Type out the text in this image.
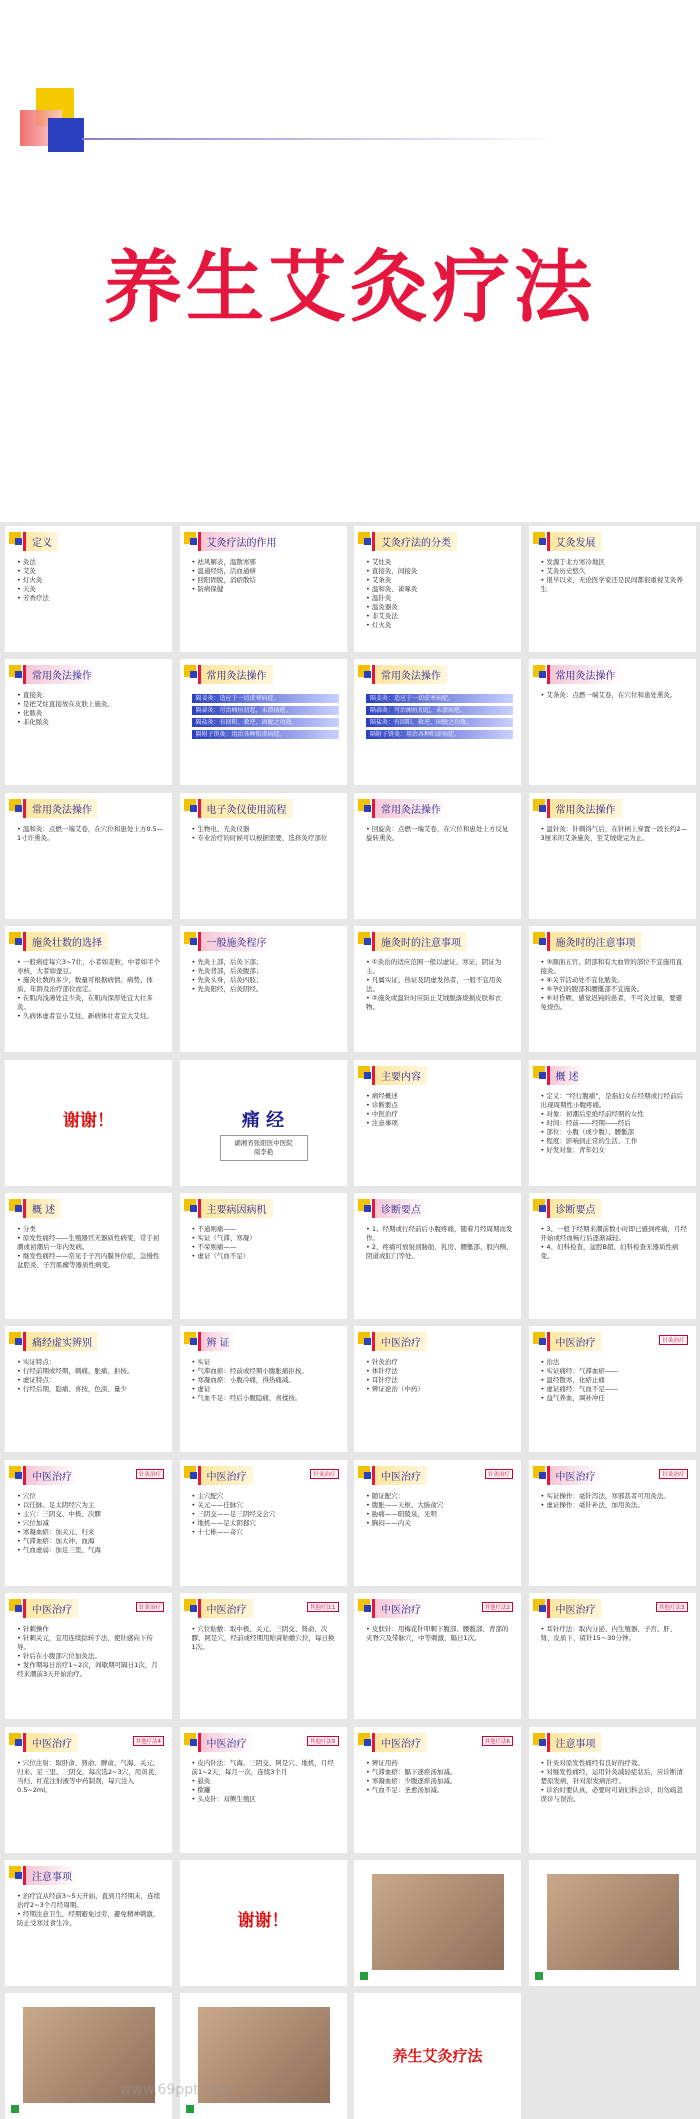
养生艾灸疗法
定义
• 灸法
• 艾灸
• 灯火灸
• 天灸
• 芳香疗法
艾灸疗法的作用
• 祛风解表，温散寒邪
• 温通经络，活血通痹
• 回阳固脱，消瘀散结
• 防病保健
艾灸疗法的分类
• 艾炷灸
• 直接灸、间接灸
• 艾条灸
• 温和灸、雀啄灸
• 温针灸
• 温灸器灸
• 非艾灸法
• 灯火灸
艾灸发展
• 发源于北方寒冷地区
• 艾灸历史悠久
• 很早以来，无论医学家还是民间都很重视艾灸养生
常用灸法操作
• 直接灸：
• 是把艾炷直接放在皮肤上施灸。
• 化脓灸
• 非化脓灸
常用灸法操作
隔姜灸：适应于一切虚寒病症。
隔蒜灸：可治痈疽初起，未溃疡疮。
隔盐灸：有回阳、救逆、固脱之功效。
隔附子饼灸：用治各种阳虚病症。
常用灸法操作
隔姜灸：适应于一切虚寒病症。
隔蒜灸：可治痈疽初起，未溃疡疮。
隔盐灸：有回阳、救逆、固脱之功效。
隔附子饼灸：用治各种阳虚病症。
常用灸法操作
• 艾条灸：点燃一端艾卷，在穴位和患处熏灸。
常用灸法操作
• 温和灸：点燃一端艾卷，在穴位和患处上方0.5—1寸许熏灸。
电子灸仪使用流程
• 生物电、光灸仪器
• 专业治疗的时候可以根据需要，选择灸疗部位
常用灸法操作
• 回旋灸：点燃一端艾卷，在穴位和患处上方反复旋转熏灸。
常用灸法操作
• 温针灸：针刺得气后，在针柄上穿置一段长约2—3厘米的艾条施灸，至艾绒烧完为止。
施灸壮数的选择
• 一般病症每穴3~7壮，小者如麦粒，中者如半个枣核，大者如蚕豆。
• 施灸壮数的多少，数量可根据病情、病势、体质、年龄及治疗部位而定。
• 在肌肉浅薄处宜少灸，在肌肉深厚处宜大壮多灸。
• 久病体虚者宜小艾炷、新病体壮者宜大艾炷。
一般施灸程序
• 先灸上部，后灸下部；
• 先灸背部，后灸腹部；
• 先灸头身，后灸四肢；
• 先灸阳经，后灸阴经。
施灸时的注意事项
• ①灸治的适应范围一般以虚证、寒证、阴证为主。
• 凡属实证、热证及阴虚发热者，一般不宜用灸法。
• ②施灸或温针时应防止艾绒脱落烧损皮肤和衣物。
施灸时的注意事项
• ③颜面五官、阴部和有大血管的部位不宜施用直接灸。
• ④关节活动处不宜化脓灸。
• ⑤孕妇的腹部和腰骶部不宜施灸。
• ⑥对昏厥、感觉迟钝的患者，不可灸过量，要避免烧伤。
谢谢！	痛 经
湖湘省张阳医中医院
周李艳
主要内容
• 病经概述
• 诊断要点
• 中医治疗
• 注意事项
概 述
• 定义：“经行腹痛”，是指妇女在经期或行经前后出现周期性小腹疼痛。
• 对象：初潮后至绝经前经期的女性
• 时间：经前——经期——经后
• 部位：小腹（或少腹）、腰骶部
• 程度：影响到正常的生活、工作
• 好发对象：青年妇女
概 述
• 分类
• 原发性痛经——生殖器官无器质性病变，常于初潮或初潮后一年内发病。
• 继发性痛经——常见于子宫内膜异位症，急慢性盆腔炎、子宫肌瘤等器质性病变。
主要病因病机
• 不通则痛——
• 实证（气滞、寒凝）
• 不荣则痛——
• 虚证（气血不足）
诊断要点
• 1、经期或行经前后小腹疼痛，随着月经周期而发作。
• 2、疼痛可放射到胁肋、乳房、腰骶部、股内侧、阴道或肛门等处。
诊断要点
• 3、一般于经期来潮前数小时即已感到疼痛，月经开始或经血畅行后逐渐减轻。
• 4、妇科检查，盆腔B超、妇科检查无器质性病变。
痛经虚实辨别
• 实证特点：
• 行经前期或经期，刺痛、胀痛、拒按。
• 虚证特点：
• 行经后期，隐痛、喜按，色淡、量少
辨 证
• 实证
• 气滞血瘀：经前或经期小腹胀痛拒按。
• 寒凝血瘀：小腹冷痛，得热痛减。
• 虚证
• 气血不足：经后小腹隐痛，喜揉按。
中医治疗
• 针灸治疗
• 体针疗法
• 耳针疗法
• 辨证论治（中药）
中医治疗	针灸治疗
• 治法
• 实证痛经：气滞血瘀——
• 温经散寒，化瘀止痛
• 虚证痛经：气血不足——
• 益气养血，调补冲任
中医治疗	针灸治疗
• 穴位
• 以任脉、足太阴经穴为主
• 主穴：三阴交、中极、次髎
• 穴位加减
• 寒凝血瘀：加关元、归来
• 气滞血瘀：加太冲、血海
• 气血虚弱：加足三里、气海
中医治疗	针灸治疗
• 主穴配穴
• 关元——任脉穴
• 三阴交——足三阴经交会穴
• 地机——足太阴郄穴
• 十七椎——奇穴
中医治疗	针灸治疗
• 随证配穴：
• 腹胀——天枢、大肠俞穴
• 胁痛——阳陵泉、光明
• 胸闷——内关
中医治疗	针灸治疗
• 实证操作：毫针泻法，寒邪甚者可用灸法。
• 虚证操作：毫针补法，加用灸法。
中医治疗	针灸治疗
• 针刺操作
• 针刺关元，宜用连续捻转手法，使针感向下传导。
• 针后在小腹部穴位加灸法。
• 发作期每日治疗1~2次，间歇期可隔日1次，月经来潮前3天开始治疗。
中医治疗	其他疗法1
• 穴位贴敷：取中极、关元、三阴交、肾俞、次髎、阿是穴，经前或经期用贴膏贴敷穴位，每日换1次。
中医治疗	其他疗法2
• 皮肤针：用梅花针叩刺下腹部、腰骶部、背部的夹脊穴及带脉穴，中等刺激，隔日1次。
中医治疗	其他疗法3
• 耳针疗法：取内分泌、内生殖器、子宫、肝、肾、皮质下，留针15～30分钟。
中医治疗	其他疗法4
• 穴位注射：取肝俞、肾俞、脾俞、气海、关元、归来、足三里、三阴交，每次选2~3穴，用黄芪、当归、红花注射液等中药制剂，每穴注入0.5~2ml。
中医治疗	其他疗法5
• 皮内针法：气海、三阴交、阿是穴、地机，月经前1~2天，每月一次，连续3个月
• 悬灸
• 揿罐
• 头皮针：双侧生殖区
中医治疗	其他疗法6
• 辨证用药
• 气滞血瘀：膈下逐瘀汤加减。
• 寒凝血瘀：少腹逐瘀汤加减。
• 气血不足：圣愈汤加减。
注意事项
• 针灸对原发性痛经有良好的疗效。
• 对继发性痛经，运用针灸减轻症状后，应诊断清楚原发病，针对原发病治疗。
• 诊治时要认真，必要时可请妇科会诊，切勿疏忽误诊与误治。
注意事项
• 治疗宜从经前3~5天开始，直到月经期末，连续治疗2~3个月经周期。
• 经期注意卫生，经期避免过劳，避免精神刺激，防止受寒过食生冷。	谢谢！
养生艾灸疗法
www.69ppt.com
